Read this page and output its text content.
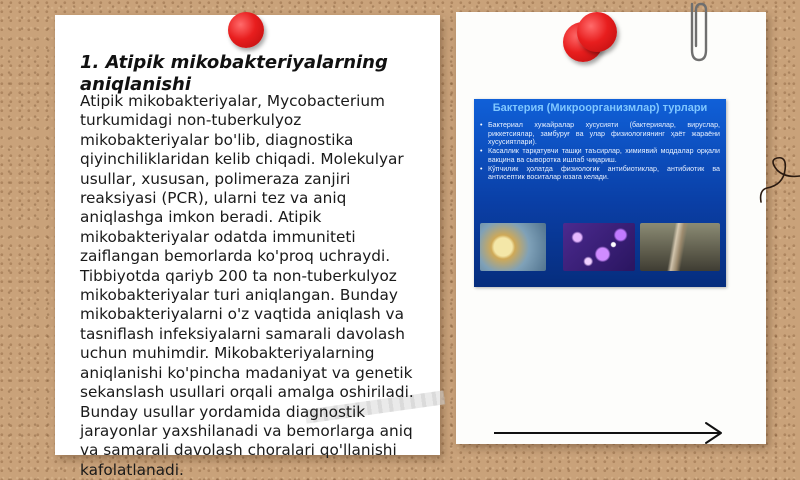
1. Atipik mikobakteriyalarning aniqlanishi
Atipik mikobakteriyalar, Mycobacterium turkumidagi non-tuberkulyoz mikobakteriyalar bo'lib, diagnostika qiyinchiliklaridan kelib chiqadi. Molekulyar usullar, xususan, polimeraza zanjiri reaksiyasi (PCR), ularni tez va aniq aniqlashga imkon beradi. Atipik mikobakteriyalar odatda immuniteti zaiflangan bemorlarda ko'proq uchraydi. Tibbiyotda qariyb 200 ta non-tuberkulyoz mikobakteriyalar turi aniqlangan. Bunday mikobakteriyalarni o'z vaqtida aniqlash va tasniflash infeksiyalarni samarali davolash uchun muhimdir. Mikobakteriyalarning aniqlanishi ko'pincha madaniyat va genetik sekanslash usullari orqali amalga oshiriladi. Bunday usullar yordamida diagnostik jarayonlar yaxshilanadi va bemorlarga aniq va samarali davolash choralari qo'llanishi kafolatlanadi.
Бактерия (Микроорганизмлар) турлари
• Бактериал хужайралар хусусияти (бактериялар, вируслар, риккетсиялар, замбуруғ ва улар физиологиянинг ҳаёт жараёни хусусиятлари).
• Касаллик тарқатувчи ташқи таъсирлар, химиявий моддалар орқали вакцина ва сыворотка ишлаб чиқариш.
• Кўпчилик ҳолатда физиологик антибиотиклар, антибиотик ва антисептик воситалар юзага келади.
